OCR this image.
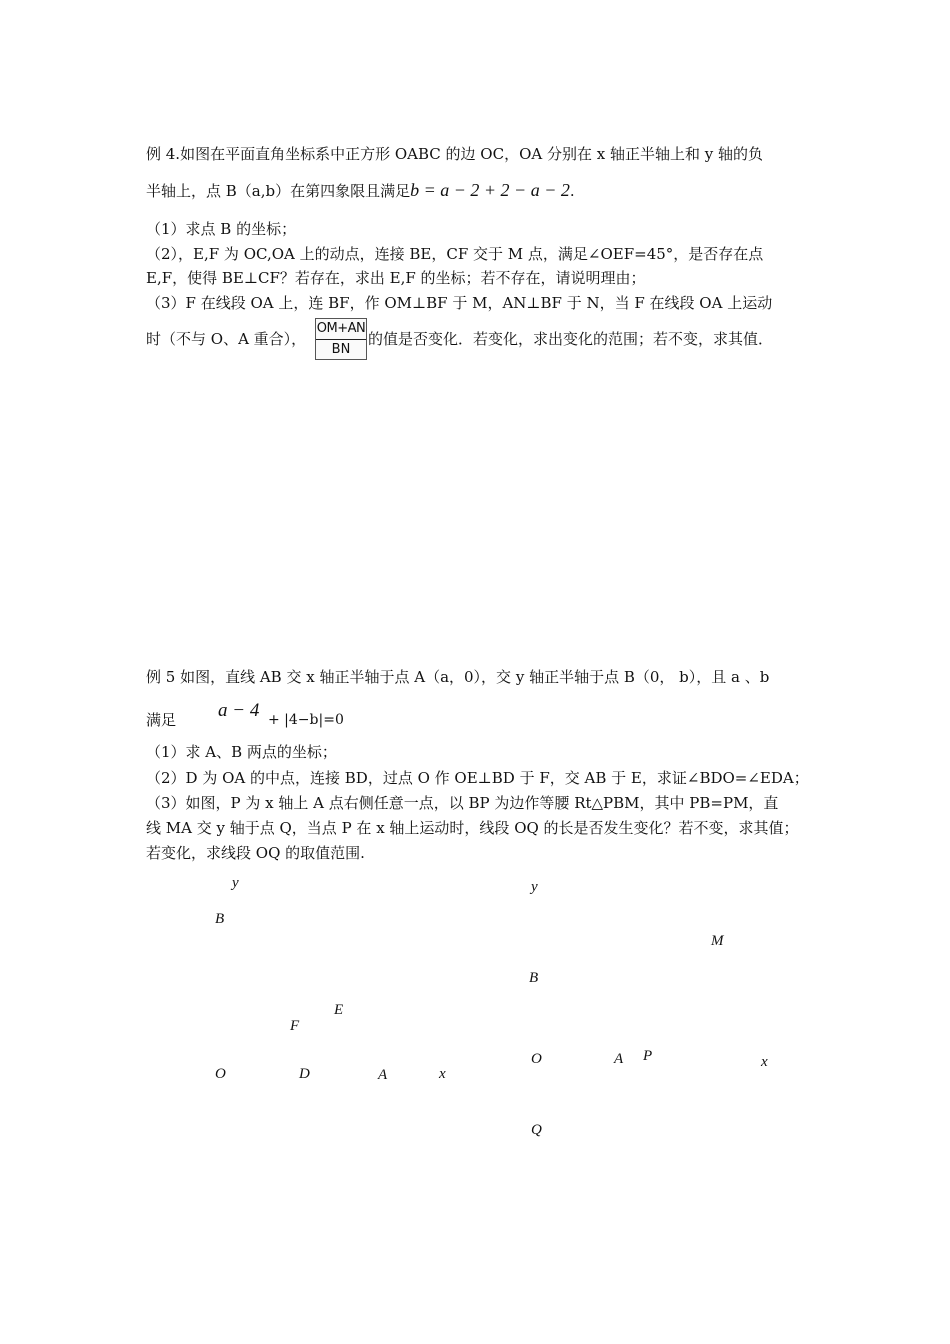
例 4.如图在平面直角坐标系中正方形 OABC 的边 OC，OA 分别在 x 轴正半轴上和 y 轴的负
半轴上，点 B（a,b）在第四象限且满足b = a − 2 + 2 − a − 2.
（1）求点 B 的坐标；
（2），E,F 为 OC,OA 上的动点，连接 BE，CF 交于 M 点，满足∠OEF=45°，是否存在点
E,F，使得 BE⊥CF？若存在，求出 E,F 的坐标；若不存在，请说明理由；
（3）F 在线段 OA 上，连 BF，作 OM⊥BF 于 M，AN⊥BF 于 N，当 F 在线段 OA 上运动
时（不与 O、A 重合）， $\frac{OM+AN}{BN}$ 的值是否变化．若变化，求出变化的范围；若不变，求其值．
例 5 如图，直线 AB 交 x 轴正半轴于点 A（a，0），交 y 轴正半轴于点 B（0， b），且 a 、b
满足 a − 4 + |4−b|=0
（1）求 A、B 两点的坐标；
（2）D 为 OA 的中点，连接 BD，过点 O 作 OE⊥BD 于 F，交 AB 于 E，求证∠BDO=∠EDA；
（3）如图，P 为 x 轴上 A 点右侧任意一点，以 BP 为边作等腰 Rt△PBM，其中 PB=PM，直
线 MA 交 y 轴于点 Q，当点 P 在 x 轴上运动时，线段 OQ 的长是否发生变化？若不变，求其值；
若变化，求线段 OQ 的取值范围.
y
B
E
F
O	D	A	x
y
M
B
O	A P	x
Q
